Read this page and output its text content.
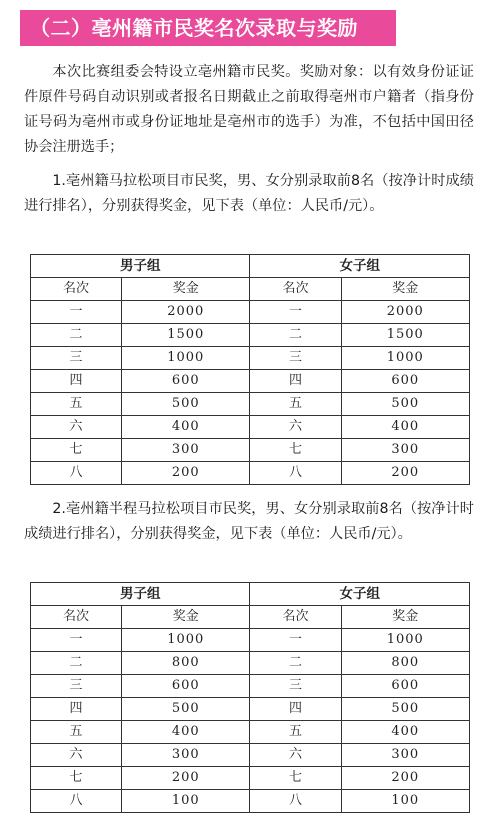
（二）亳州籍市民奖名次录取与奖励
本次比赛组委会特设立亳州籍市民奖。奖励对象：以有效身份证证件原件号码自动识别或者报名日期截止之前取得亳州市户籍者（指身份证号码为亳州市或身份证地址是亳州市的选手）为准，不包括中国田径协会注册选手；
1.亳州籍马拉松项目市民奖，男、女分别录取前8名（按净计时成绩进行排名），分别获得奖金，见下表（单位：人民币/元）。
男子组		女子组	
名次	奖金	名次	奖金
一	2000	一	2000
二	1500	二	1500
三	1000	三	1000
四	600	四	600
五	500	五	500
六	400	六	400
七	300	七	300
八	200	八	200
2.亳州籍半程马拉松项目市民奖，男、女分别录取前8名（按净计时成绩进行排名），分别获得奖金，见下表（单位：人民币/元）。
男子组		女子组	
名次	奖金	名次	奖金
一	1000	一	1000
二	800	二	800
三	600	三	600
四	500	四	500
五	400	五	400
六	300	六	300
七	200	七	200
八	100	八	100
